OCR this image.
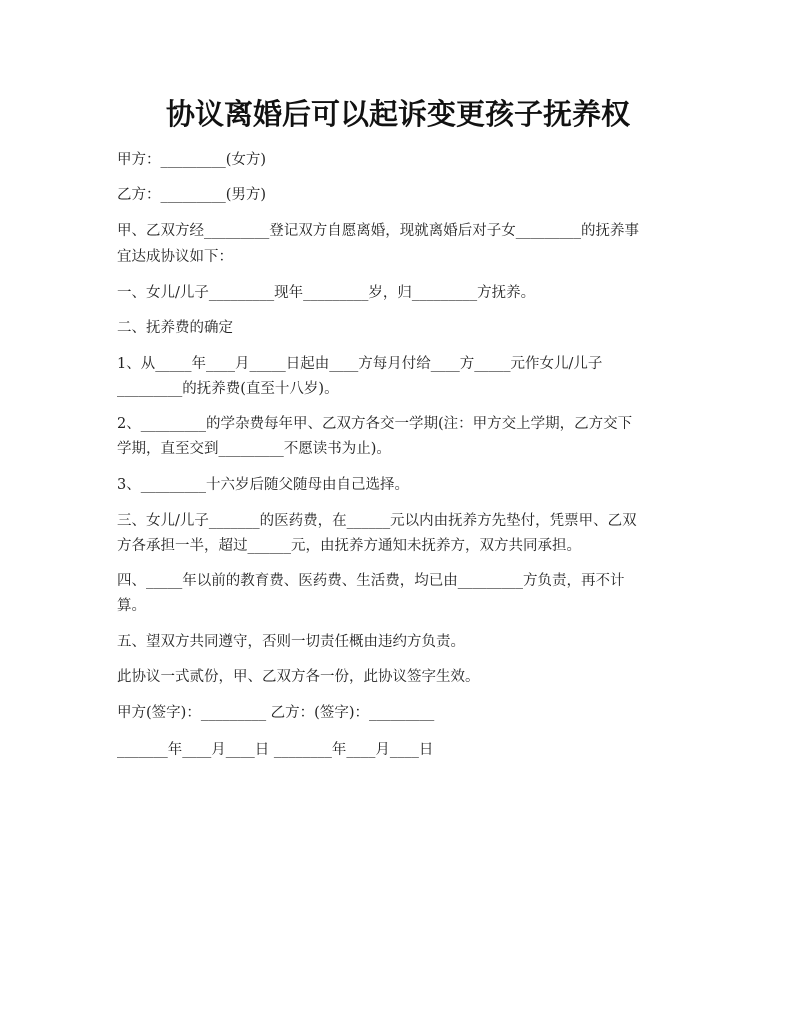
协议离婚后可以起诉变更孩子抚养权
甲方：_________(女方)
乙方：_________(男方)
甲、乙双方经_________登记双方自愿离婚，现就离婚后对子女_________的抚养事
宜达成协议如下：
一、女儿/儿子_________现年_________岁，归_________方抚养。
二、抚养费的确定
1、从_____年____月_____日起由____方每月付给____方_____元作女儿/儿子
_________的抚养费(直至十八岁)。
2、_________的学杂费每年甲、乙双方各交一学期(注：甲方交上学期，乙方交下
学期，直至交到_________不愿读书为止)。
3、_________十六岁后随父随母由自己选择。
三、女儿/儿子_______的医药费，在______元以内由抚养方先垫付，凭票甲、乙双
方各承担一半，超过______元，由抚养方通知未抚养方，双方共同承担。
四、_____年以前的教育费、医药费、生活费，均已由_________方负责，再不计
算。
五、望双方共同遵守，否则一切责任概由违约方负责。
此协议一式贰份，甲、乙双方各一份，此协议签字生效。
甲方(签字)：_________ 乙方：(签字)：_________
_______年____月____日 ________年____月____日
